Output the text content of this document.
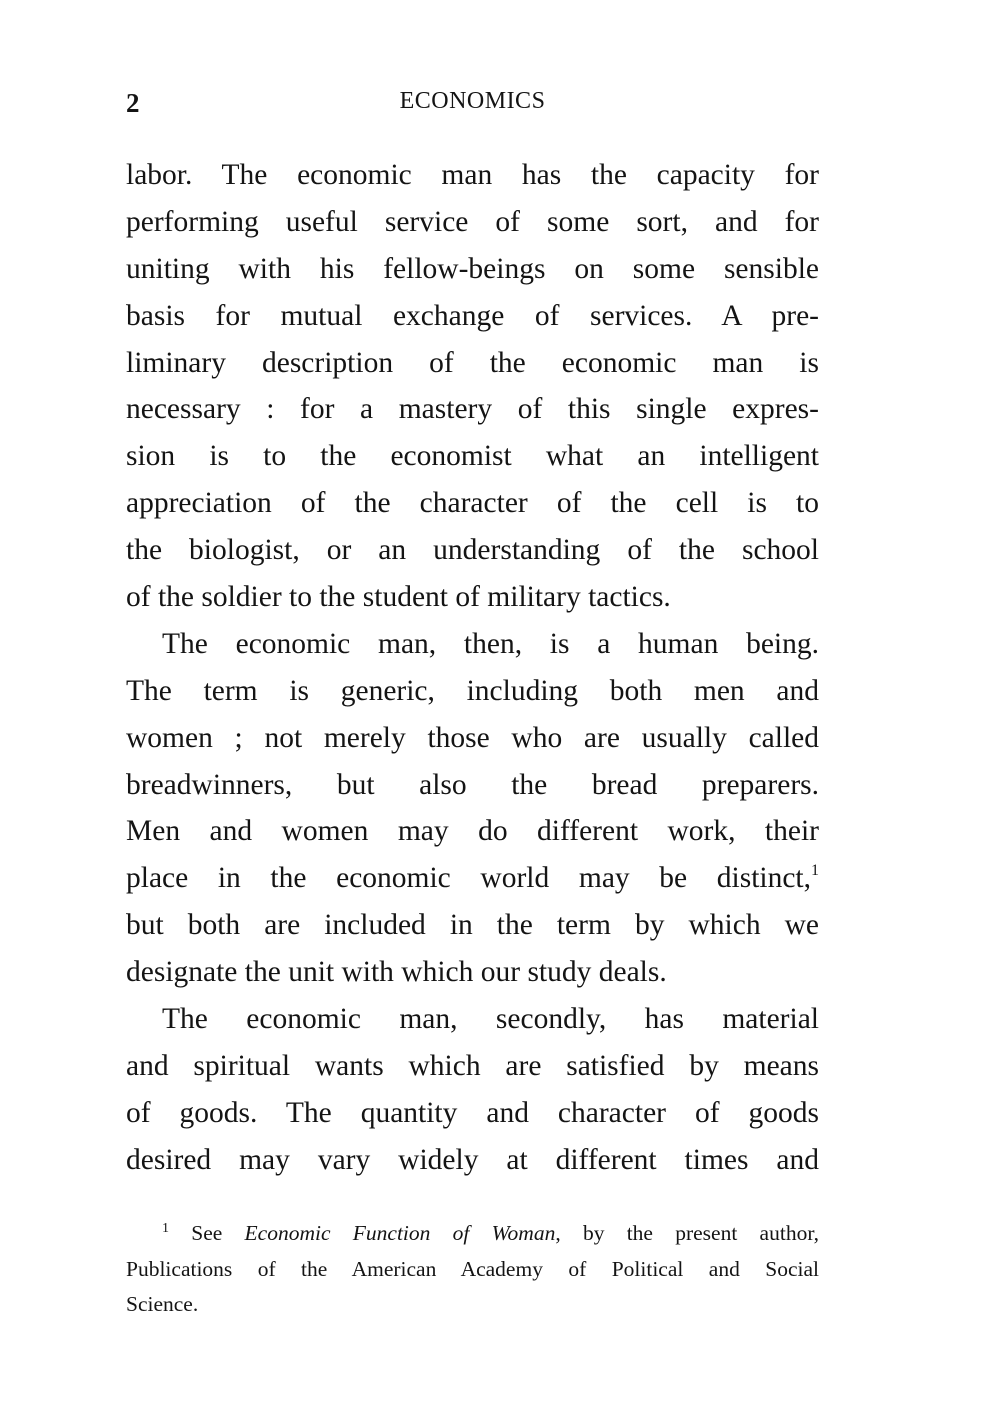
2	ECONOMICS
labor. The economic man has the capacity for
performing useful service of some sort, and for
uniting with his fellow-beings on some sensible
basis for mutual exchange of services. A pre-
liminary description of the economic man is
necessary : for a mastery of this single expres-
sion is to the economist what an intelligent
appreciation of the character of the cell is to
the biologist, or an understanding of the school
of the soldier to the student of military tactics.
The economic man, then, is a human being.
The term is generic, including both men and
women ; not merely those who are usually called
breadwinners, but also the bread preparers.
Men and women may do different work, their
place in the economic world may be distinct,$^1$
but both are included in the term by which we
designate the unit with which our study deals.
The economic man, secondly, has material
and spiritual wants which are satisfied by means
of goods. The quantity and character of goods
desired may vary widely at different times and
$^1$ See Economic Function of Woman, by the present author,
Publications of the American Academy of Political and Social
Science.
